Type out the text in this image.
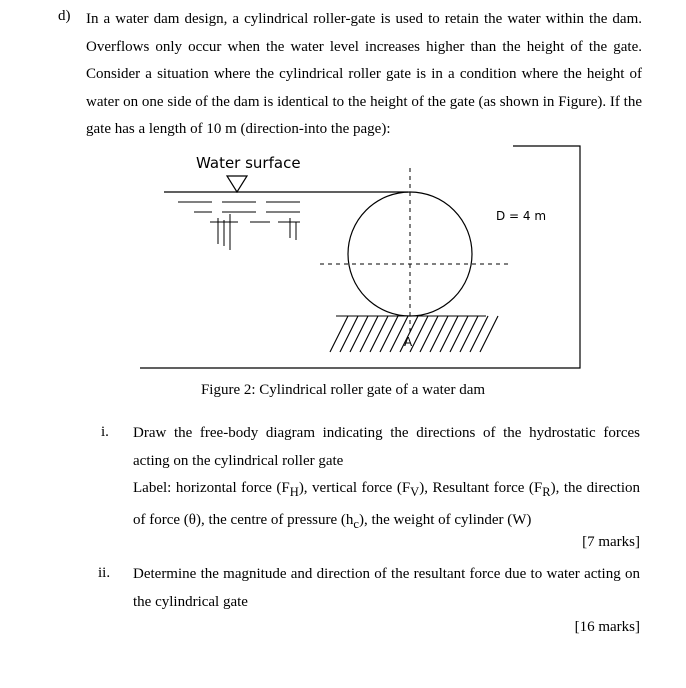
d) In a water dam design, a cylindrical roller-gate is used to retain the water within the dam. Overflows only occur when the water level increases higher than the height of the gate. Consider a situation where the cylindrical roller gate is in a condition where the height of water on one side of the dam is identical to the height of the gate (as shown in Figure). If the gate has a length of 10 m (direction-into the page):
Water surface
D = 4 m
A
Figure 2: Cylindrical roller gate of a water dam
i. Draw the free-body diagram indicating the directions of the hydrostatic forces acting on the cylindrical roller gate
Label: horizontal force $(F_H)$, vertical force $(F_V)$, Resultant force $(F_R)$, the direction of force (θ), the centre of pressure $(h_c)$, the weight of cylinder (W)
[7 marks]
ii. Determine the magnitude and direction of the resultant force due to water acting on the cylindrical gate
[16 marks]
